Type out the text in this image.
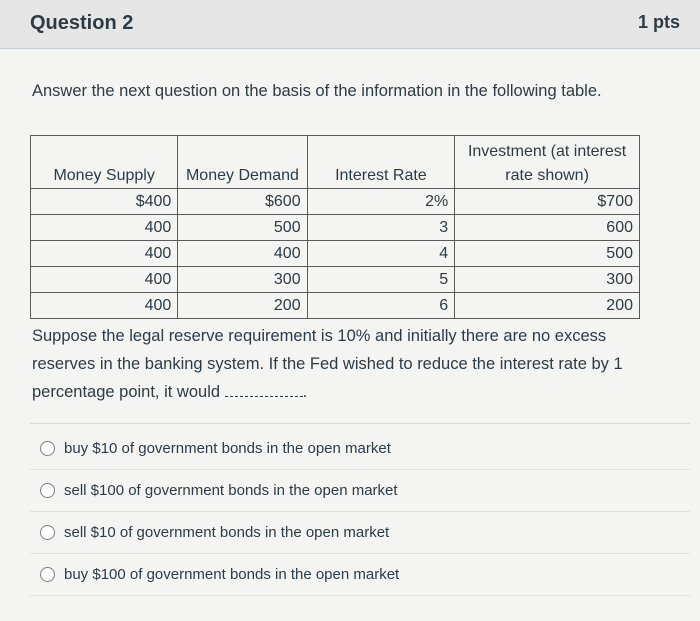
Question 2	1 pts
Answer the next question on the basis of the information in the following table.
Money Supply	Money Demand	Interest Rate	Investment (at interest rate shown)
$400	$600	2%	$700
400	500	3	600
400	400	4	500
400	300	5	300
400	200	6	200
Suppose the legal reserve requirement is 10% and initially there are no excess reserves in the banking system. If the Fed wished to reduce the interest rate by 1 percentage point, it would	.
buy $10 of government bonds in the open market
sell $100 of government bonds in the open market
sell $10 of government bonds in the open market
buy $100 of government bonds in the open market
